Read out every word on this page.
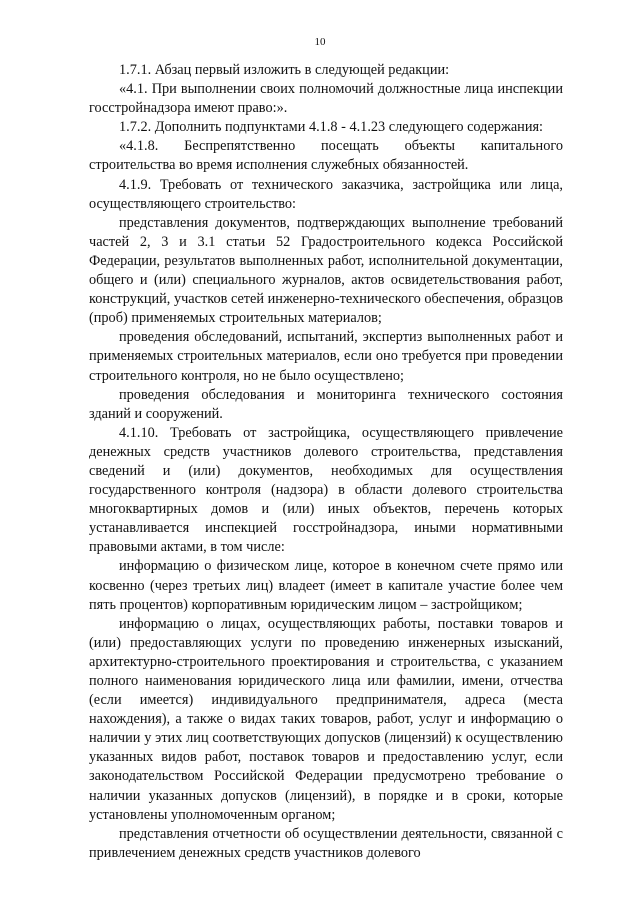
10

1.7.1. Абзац первый изложить в следующей редакции:

«4.1. При выполнении своих полномочий должностные лица инспекции госстройнадзора имеют право:».

1.7.2. Дополнить подпунктами 4.1.8 - 4.1.23 следующего содержания:

«4.1.8. Беспрепятственно посещать объекты капитального строительства во время исполнения служебных обязанностей.

4.1.9. Требовать от технического заказчика, застройщика или лица, осуществляющего строительство:

представления документов, подтверждающих выполнение требований частей 2, 3 и 3.1 статьи 52 Градостроительного кодекса Российской Федерации, результатов выполненных работ, исполнительной документации, общего и (или) специального журналов, актов освидетельствования работ, конструкций, участков сетей инженерно-технического обеспечения, образцов (проб) применяемых строительных материалов;

проведения обследований, испытаний, экспертиз выполненных работ и применяемых строительных материалов, если оно требуется при проведении строительного контроля, но не было осуществлено;

проведения обследования и мониторинга технического состояния зданий и сооружений.

4.1.10. Требовать от застройщика, осуществляющего привлечение денежных средств участников долевого строительства, представления сведений и (или) документов, необходимых для осуществления государственного контроля (надзора) в области долевого строительства многоквартирных домов и (или) иных объектов, перечень которых устанавливается инспекцией госстройнадзора, иными нормативными правовыми актами, в том числе:

информацию о физическом лице, которое в конечном счете прямо или косвенно (через третьих лиц) владеет (имеет в капитале участие более чем пять процентов) корпоративным юридическим лицом – застройщиком;

информацию о лицах, осуществляющих работы, поставки товаров и (или) предоставляющих услуги по проведению инженерных изысканий, архитектурно-строительного проектирования и строительства, с указанием полного наименования юридического лица или фамилии, имени, отчества (если имеется) индивидуального предпринимателя, адреса (места нахождения), а также о видах таких товаров, работ, услуг и информацию о наличии у этих лиц соответствующих допусков (лицензий) к осуществлению указанных видов работ, поставок товаров и предоставлению услуг, если законодательством Российской Федерации предусмотрено требование о наличии указанных допусков (лицензий), в порядке и в сроки, которые установлены уполномоченным органом;

представления отчетности об осуществлении деятельности, связанной с привлечением денежных средств участников долевого
